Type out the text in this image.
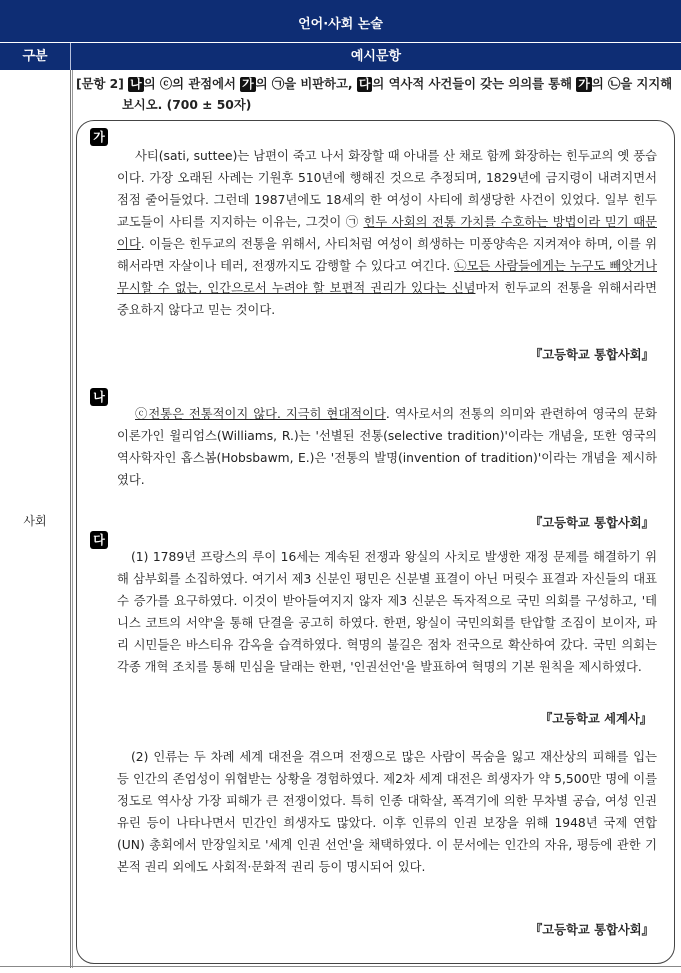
언어·사회 논술
구분	예시문항
사회
[문항 2] 나 의 ⓒ의 관점에서 가 의 ㉠을 비판하고, 다 의 역사적 사건들이 갖는 의의를 통해 가 의 ㉡을 지지해
보시오. (700 ± 50자)
가
사티(sati, suttee)는 남편이 죽고 나서 화장할 때 아내를 산 채로 함께 화장하는 힌두교의 옛 풍습이다. 가장 오래된 사례는 기원후 510년에 행해진 것으로 추정되며, 1829년에 금지령이 내려지면서 점점 줄어들었다. 그런데 1987년에도 18세의 한 여성이 사티에 희생당한 사건이 있었다. 일부 힌두교도들이 사티를 지지하는 이유는, 그것이 ㉠ 힌두 사회의 전통 가치를 수호하는 방법이라 믿기 때문이다. 이들은 힌두교의 전통을 위해서, 사티처럼 여성이 희생하는 미풍양속은 지켜져야 하며, 이를 위해서라면 자살이나 테러, 전쟁까지도 감행할 수 있다고 여긴다. ㉡모든 사람들에게는 누구도 빼앗거나 무시할 수 없는, 인간으로서 누려야 할 보편적 권리가 있다는 신념마저 힌두교의 전통을 위해서라면 중요하지 않다고 믿는 것이다.
『고등학교 통합사회』
나
ⓒ전통은 전통적이지 않다. 지극히 현대적이다. 역사로서의 전통의 의미와 관련하여 영국의 문화 이론가인 윌리엄스(Williams, R.)는 '선별된 전통(selective tradition)'이라는 개념을, 또한 영국의 역사학자인 홉스봄(Hobsbawm, E.)은 '전통의 발명(invention of tradition)'이라는 개념을 제시하였다.
『고등학교 통합사회』
다
(1) 1789년 프랑스의 루이 16세는 계속된 전쟁과 왕실의 사치로 발생한 재정 문제를 해결하기 위해 삼부회를 소집하였다. 여기서 제3 신분인 평민은 신분별 표결이 아닌 머릿수 표결과 자신들의 대표 수 증가를 요구하였다. 이것이 받아들여지지 않자 제3 신분은 독자적으로 국민 의회를 구성하고, '테니스 코트의 서약'을 통해 단결을 공고히 하였다. 한편, 왕실이 국민의회를 탄압할 조짐이 보이자, 파리 시민들은 바스티유 감옥을 습격하였다. 혁명의 불길은 점차 전국으로 확산하여 갔다. 국민 의회는 각종 개혁 조치를 통해 민심을 달래는 한편, '인권선언'을 발표하여 혁명의 기본 원칙을 제시하였다.
『고등학교 세계사』
(2) 인류는 두 차례 세계 대전을 겪으며 전쟁으로 많은 사람이 목숨을 잃고 재산상의 피해를 입는 등 인간의 존엄성이 위협받는 상황을 경험하였다. 제2차 세계 대전은 희생자가 약 5,500만 명에 이를 정도로 역사상 가장 피해가 큰 전쟁이었다. 특히 인종 대학살, 폭격기에 의한 무차별 공습, 여성 인권 유린 등이 나타나면서 민간인 희생자도 많았다. 이후 인류의 인권 보장을 위해 1948년 국제 연합(UN) 총회에서 만장일치로 '세계 인권 선언'을 채택하였다. 이 문서에는 인간의 자유, 평등에 관한 기본적 권리 외에도 사회적·문화적 권리 등이 명시되어 있다.
『고등학교 통합사회』
